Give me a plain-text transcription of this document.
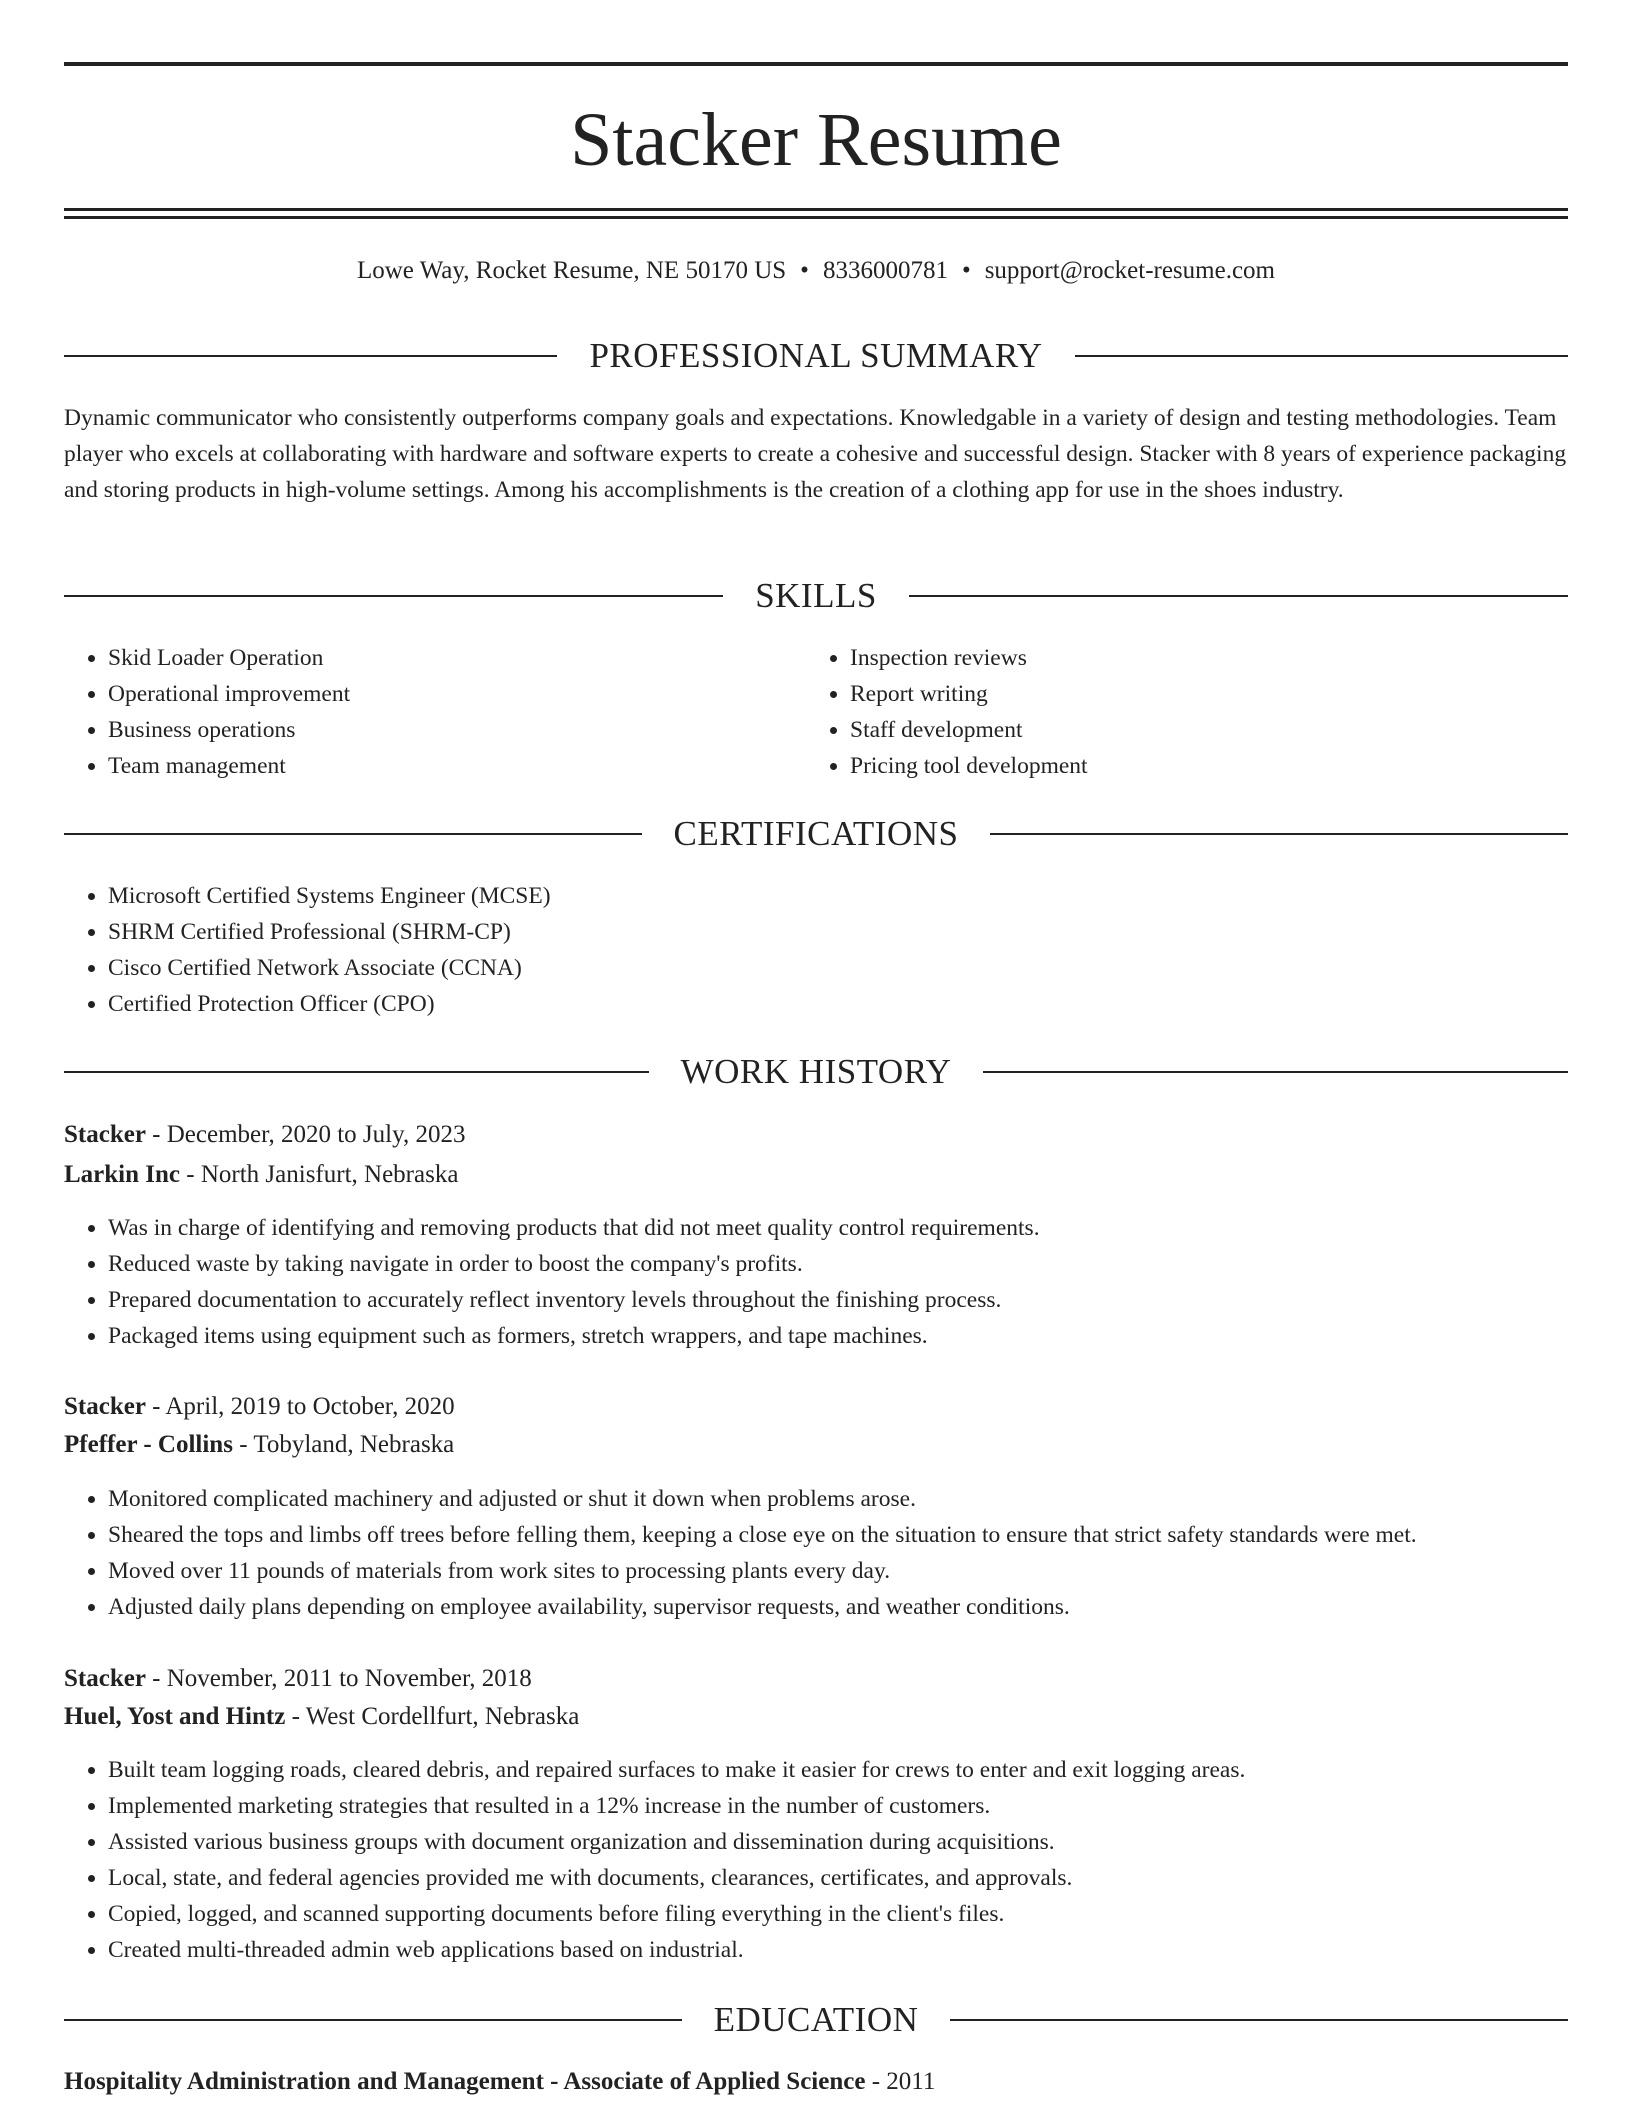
Stacker Resume
Lowe Way, Rocket Resume, NE 50170 US • 8336000781 • support@rocket-resume.com
PROFESSIONAL SUMMARY

Dynamic communicator who consistently outperforms company goals and expectations. Knowledgable in a variety of design and testing methodologies. Team player who excels at collaborating with hardware and software experts to create a cohesive and successful design. Stacker with 8 years of experience packaging and storing products in high-volume settings. Among his accomplishments is the creation of a clothing app for use in the shoes industry.

SKILLS
• Skid Loader Operation
• Operational improvement
• Business operations
• Team management
• Inspection reviews
• Report writing
• Staff development
• Pricing tool development
CERTIFICATIONS
• Microsoft Certified Systems Engineer (MCSE)
• SHRM Certified Professional (SHRM-CP)
• Cisco Certified Network Associate (CCNA)
• Certified Protection Officer (CPO)
WORK HISTORY
Stacker - December, 2020 to July, 2023
Larkin Inc - North Janisfurt, Nebraska
• Was in charge of identifying and removing products that did not meet quality control requirements.
• Reduced waste by taking navigate in order to boost the company's profits.
• Prepared documentation to accurately reflect inventory levels throughout the finishing process.
• Packaged items using equipment such as formers, stretch wrappers, and tape machines.
Stacker - April, 2019 to October, 2020
Pfeffer - Collins - Tobyland, Nebraska
• Monitored complicated machinery and adjusted or shut it down when problems arose.
• Sheared the tops and limbs off trees before felling them, keeping a close eye on the situation to ensure that strict safety standards were met.
• Moved over 11 pounds of materials from work sites to processing plants every day.
• Adjusted daily plans depending on employee availability, supervisor requests, and weather conditions.
Stacker - November, 2011 to November, 2018
Huel, Yost and Hintz - West Cordellfurt, Nebraska
• Built team logging roads, cleared debris, and repaired surfaces to make it easier for crews to enter and exit logging areas.
• Implemented marketing strategies that resulted in a 12% increase in the number of customers.
• Assisted various business groups with document organization and dissemination during acquisitions.
• Local, state, and federal agencies provided me with documents, clearances, certificates, and approvals.
• Copied, logged, and scanned supporting documents before filing everything in the client's files.
• Created multi-threaded admin web applications based on industrial.
EDUCATION
Hospitality Administration and Management - Associate of Applied Science - 2011
